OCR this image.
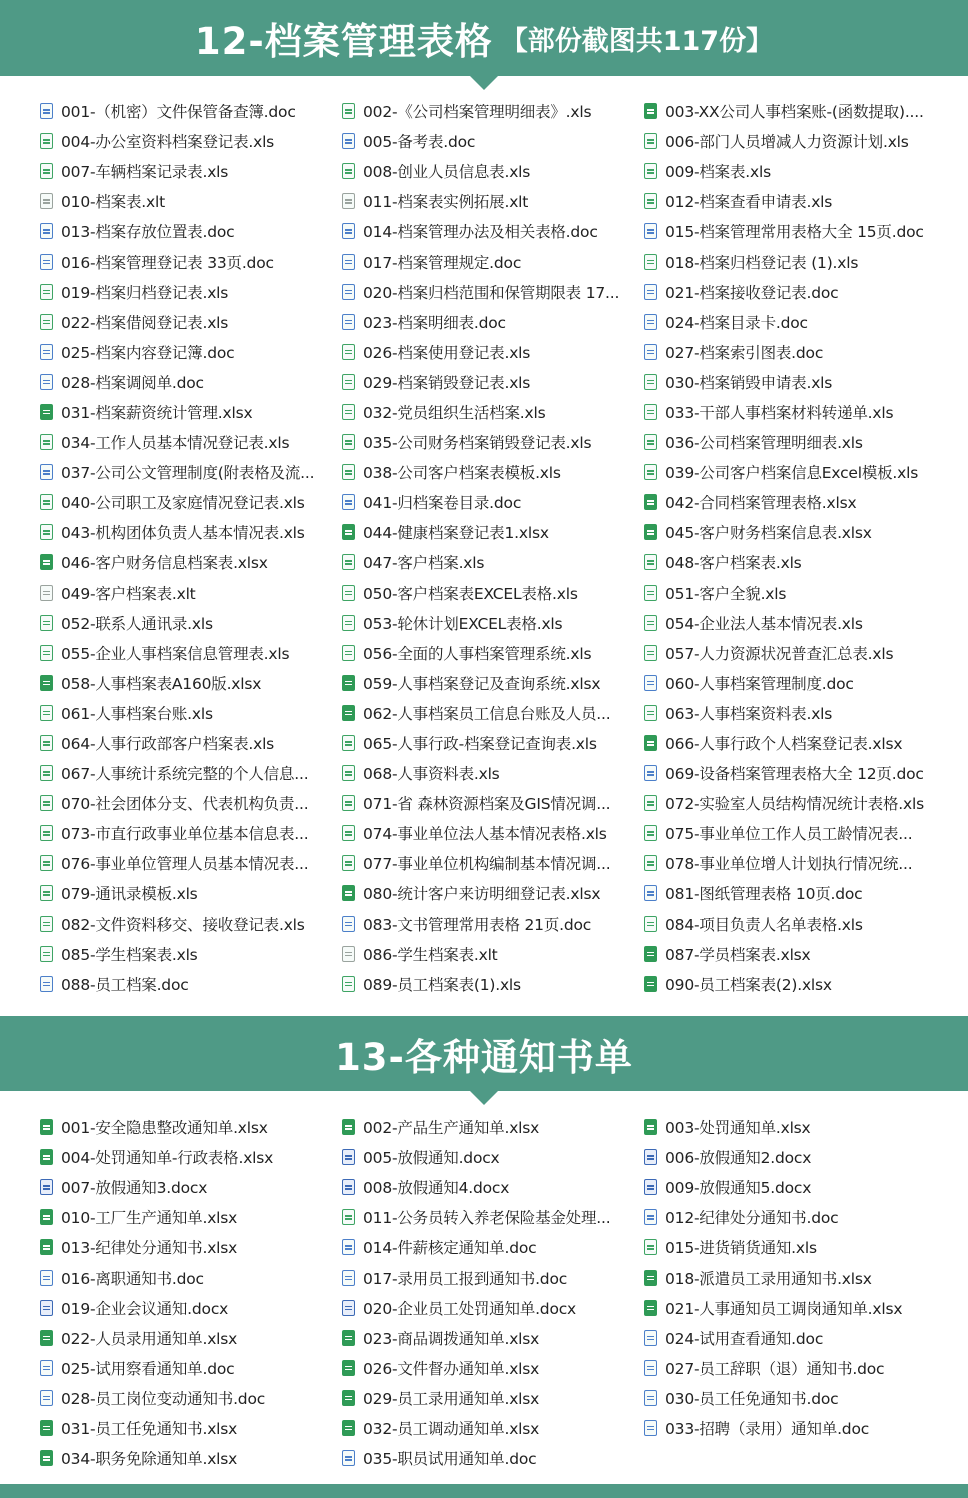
12-档案管理表格 【部份截图共117份】
001-（机密）文件保管备查簿.doc	002-《公司档案管理明细表》.xls	003-XX公司人事档案账-(函数提取)....
004-办公室资料档案登记表.xls	005-备考表.doc	006-部门人员增减人力资源计划.xls
007-车辆档案记录表.xls	008-创业人员信息表.xls	009-档案表.xls
010-档案表.xlt	011-档案表实例拓展.xlt	012-档案查看申请表.xls
013-档案存放位置表.doc	014-档案管理办法及相关表格.doc	015-档案管理常用表格大全 15页.doc
016-档案管理登记表 33页.doc	017-档案管理规定.doc	018-档案归档登记表 (1).xls
019-档案归档登记表.xls	020-档案归档范围和保管期限表 17...	021-档案接收登记表.doc
022-档案借阅登记表.xls	023-档案明细表.doc	024-档案目录卡.doc
025-档案内容登记簿.doc	026-档案使用登记表.xls	027-档案索引图表.doc
028-档案调阅单.doc	029-档案销毁登记表.xls	030-档案销毁申请表.xls
031-档案薪资统计管理.xlsx	032-党员组织生活档案.xls	033-干部人事档案材料转递单.xls
034-工作人员基本情况登记表.xls	035-公司财务档案销毁登记表.xls	036-公司档案管理明细表.xls
037-公司公文管理制度(附表格及流...	038-公司客户档案表模板.xls	039-公司客户档案信息Excel模板.xls
040-公司职工及家庭情况登记表.xls	041-归档案卷目录.doc	042-合同档案管理表格.xlsx
043-机构团体负责人基本情况表.xls	044-健康档案登记表1.xlsx	045-客户财务档案信息表.xlsx
046-客户财务信息档案表.xlsx	047-客户档案.xls	048-客户档案表.xls
049-客户档案表.xlt	050-客户档案表EXCEL表格.xls	051-客户全貌.xls
052-联系人通讯录.xls	053-轮休计划EXCEL表格.xls	054-企业法人基本情况表.xls
055-企业人事档案信息管理表.xls	056-全面的人事档案管理系统.xls	057-人力资源状况普查汇总表.xls
058-人事档案表A160版.xlsx	059-人事档案登记及查询系统.xlsx	060-人事档案管理制度.doc
061-人事档案台账.xls	062-人事档案员工信息台账及人员...	063-人事档案资料表.xls
064-人事行政部客户档案表.xls	065-人事行政-档案登记查询表.xls	066-人事行政个人档案登记表.xlsx
067-人事统计系统完整的个人信息...	068-人事资料表.xls	069-设备档案管理表格大全 12页.doc
070-社会团体分支、代表机构负责...	071-省 森林资源档案及GIS情况调...	072-实验室人员结构情况统计表格.xls
073-市直行政事业单位基本信息表...	074-事业单位法人基本情况表格.xls	075-事业单位工作人员工龄情况表...
076-事业单位管理人员基本情况表...	077-事业单位机构编制基本情况调...	078-事业单位增人计划执行情况统...
079-通讯录模板.xls	080-统计客户来访明细登记表.xlsx	081-图纸管理表格 10页.doc
082-文件资料移交、接收登记表.xls	083-文书管理常用表格 21页.doc	084-项目负责人名单表格.xls
085-学生档案表.xls	086-学生档案表.xlt	087-学员档案表.xlsx
088-员工档案.doc	089-员工档案表(1).xls	090-员工档案表(2).xlsx
13-各种通知书单
001-安全隐患整改通知单.xlsx	002-产品生产通知单.xlsx	003-处罚通知单.xlsx
004-处罚通知单-行政表格.xlsx	005-放假通知.docx	006-放假通知2.docx
007-放假通知3.docx	008-放假通知4.docx	009-放假通知5.docx
010-工厂生产通知单.xlsx	011-公务员转入养老保险基金处理...	012-纪律处分通知书.doc
013-纪律处分通知书.xlsx	014-件薪核定通知单.doc	015-进货销货通知.xls
016-离职通知书.doc	017-录用员工报到通知书.doc	018-派遣员工录用通知书.xlsx
019-企业会议通知.docx	020-企业员工处罚通知单.docx	021-人事通知员工调岗通知单.xlsx
022-人员录用通知单.xlsx	023-商品调拨通知单.xlsx	024-试用查看通知.doc
025-试用察看通知单.doc	026-文件督办通知单.xlsx	027-员工辞职（退）通知书.doc
028-员工岗位变动通知书.doc	029-员工录用通知单.xlsx	030-员工任免通知书.doc
031-员工任免通知书.xlsx	032-员工调动通知单.xlsx	033-招聘（录用）通知单.doc
034-职务免除通知单.xlsx	035-职员试用通知单.doc
